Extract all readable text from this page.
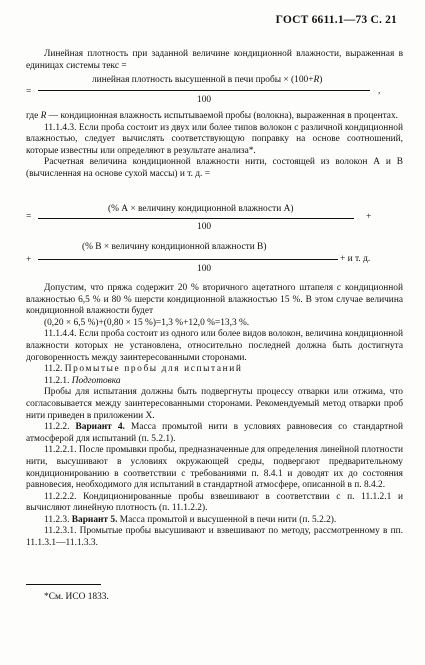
ГОСТ 6611.1—73 С. 21

Линейная плотность при заданной величине кондиционной влажности, выраженная в единицах системы текс =

=
линейная плотность высушенной в печи пробы × (100+R)
100
,

где R — кондиционная влажность испытываемой пробы (волокна), выраженная в процентах.

11.1.4.3. Если проба состоит из двух или более типов волокон с различной кондиционной влажностью, следует вычислять соответствующую поправку на основе соотношений, которые известны или определяют в результате анализа*.

Расчетная величина кондиционной влажности нити, состоящей из волокон А и В (вычисленная на основе сухой массы) и т. д. =

=
(% А × величину кондиционной влажности А)
100
+
+
(% В × величину кондиционной влажности В)
100
+ и т. д.

Допустим, что пряжа содержит 20 % вторичного ацетатного штапеля с кондиционной влажностью 6,5 % и 80 % шерсти кондиционной влажностью 15 %. В этом случае величина кондиционной влажности будет

(0,20 × 6,5 %)+(0,80 × 15 %)=1,3 %+12,0 %=13,3 %.

11.1.4.4. Если проба состоит из одного или более видов волокон, величина кондиционной влажности которых не установлена, относительно последней должна быть достигнута договоренность между заинтересованными сторонами.

11.2. Промытые пробы для испытаний

11.2.1. Подготовка

Пробы для испытания должны быть подвергнуты процессу отварки или отжима, что согласовывается между заинтересованными сторонами. Рекомендуемый метод отварки проб нити приведен в приложении X.

11.2.2. Вариант 4. Масса промытой нити в условиях равновесия со стандартной атмосферой для испытаний (п. 5.2.1).

11.2.2.1. После промывки пробы, предназначенные для определения линейной плотности нити, высушивают в условиях окружающей среды, подвергают предварительному кондиционированию в соответствии с требованиями п. 8.4.1 и доводят их до состояния равновесия, необходимого для испытаний в стандартной атмосфере, описанной в п. 8.4.2.

11.2.2.2. Кондиционированные пробы взвешивают в соответствии с п. 11.1.2.1 и вычисляют линейную плотность (п. 11.1.2.2).

11.2.3. Вариант 5. Масса промытой и высушенной в печи нити (п. 5.2.2).

11.2.3.1. Промытые пробы высушивают и взвешивают по методу, рассмотренному в пп. 11.1.3.1—11.1.3.3.

*См. ИСО 1833.
